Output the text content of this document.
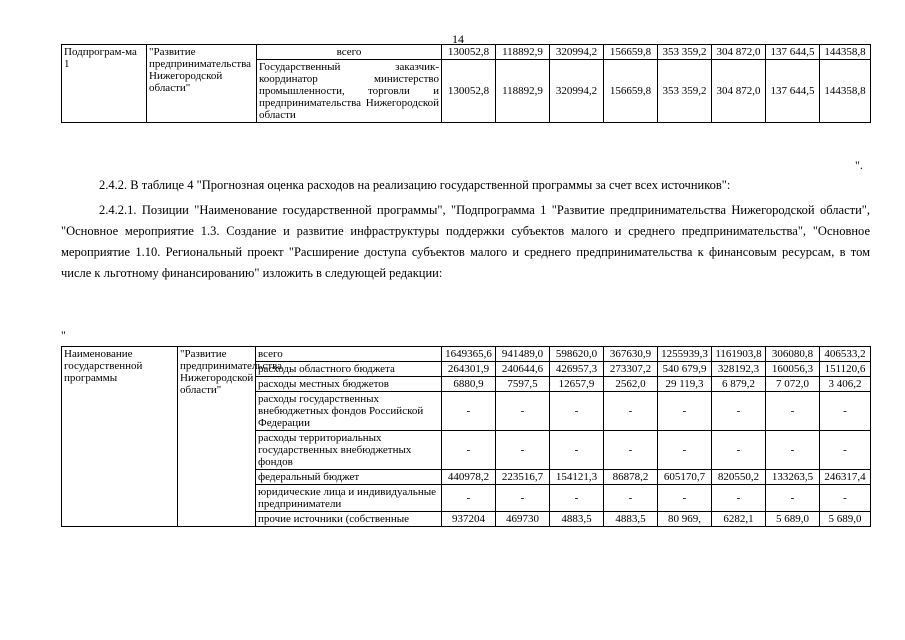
14
Подпрограм-ма 1	"Развитие предпринимательства Нижегородской области"	всего	130052,8	118892,9	320994,2	156659,8	353 359,2	304 872,0	137 644,5	144358,8
		Государственный заказчик-координатор министерство промышленности, торговли и предпринимательства Нижегородской области	130052,8	118892,9	320994,2	156659,8	353 359,2	304 872,0	137 644,5	144358,8
".
2.4.2. В таблице 4 "Прогнозная оценка расходов на реализацию государственной программы за счет всех источников":
2.4.2.1. Позиции "Наименование государственной программы", "Подпрограмма 1 "Развитие предпринимательства Нижегородской области", "Основное мероприятие 1.3. Создание и развитие инфраструктуры поддержки субъектов малого и среднего предпринимательства", "Основное мероприятие 1.10. Региональный проект "Расширение доступа субъектов малого и среднего предпринимательства к финансовым ресурсам, в том числе к льготному финансированию" изложить в следующей редакции:
"
Наименование государственной программы	"Развитие предпринимательства Нижегородской области"	всего	1649365,6	941489,0	598620,0	367630,9	1255939,3	1161903,8	306080,8	406533,2
		расходы областного бюджета	264301,9	240644,6	426957,3	273307,2	540 679,9	328192,3	160056,3	151120,6
		расходы местных бюджетов	6880,9	7597,5	12657,9	2562,0	29 119,3	6 879,2	7 072,0	3 406,2
		расходы государственных внебюджетных фондов Российской Федерации	-	-	-	-	-	-	-	-
		расходы территориальных государственных внебюджетных фондов	-	-	-	-	-	-	-	-
		федеральный бюджет	440978,2	223516,7	154121,3	86878,2	605170,7	820550,2	133263,5	246317,4
		юридические лица и индивидуальные предприниматели	-	-	-	-	-	-	-	-
		прочие источники (собственные	937204	469730	4883,5	4883,5	80 969,	6282,1	5 689,0	5 689,0
